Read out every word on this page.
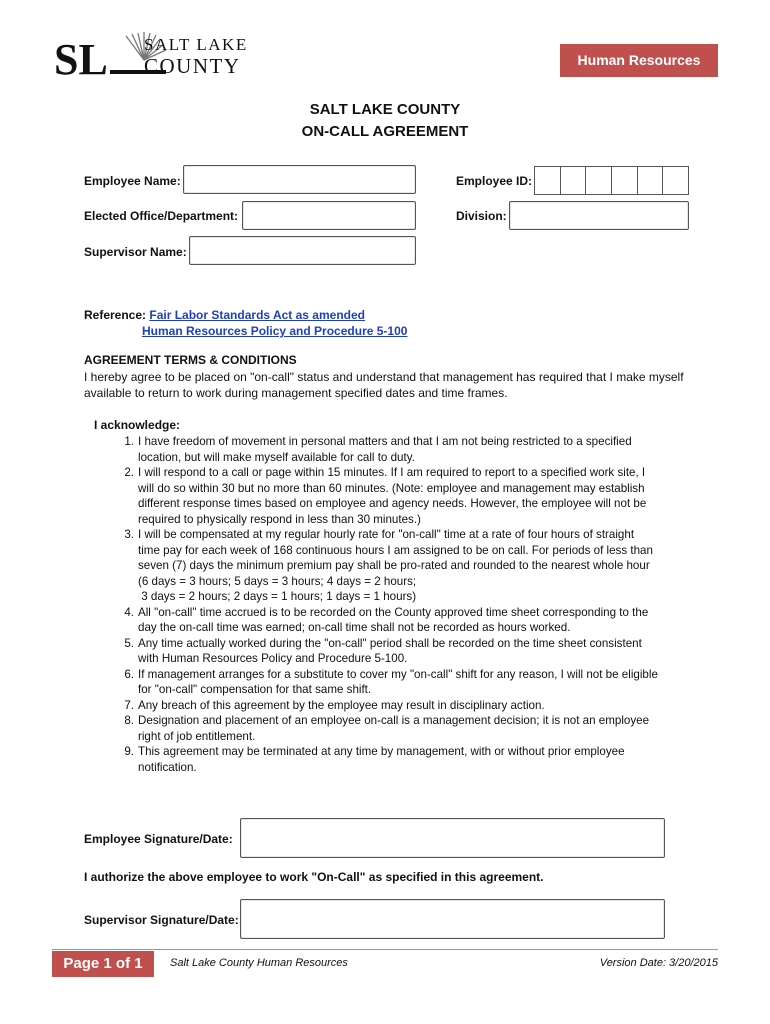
SL SALT LAKE
COUNTY	Human Resources
SALT LAKE COUNTY
ON-CALL AGREEMENT
Employee Name:	Employee ID:
Elected Office/Department:	Division:
Supervisor Name:
Reference: Fair Labor Standards Act as amended
Human Resources Policy and Procedure 5-100
AGREEMENT TERMS & CONDITIONS
I hereby agree to be placed on "on-call" status and understand that management has required that I make myself available to return to work during management specified dates and time frames.
I acknowledge:
1. I have freedom of movement in personal matters and that I am not being restricted to a specified location, but will make myself available for call to duty.
2. I will respond to a call or page within 15 minutes. If I am required to report to a specified work site, I will do so within 30 but no more than 60 minutes. (Note: employee and management may establish different response times based on employee and agency needs. However, the employee will not be required to physically respond in less than 30 minutes.)
3. I will be compensated at my regular hourly rate for "on-call" time at a rate of four hours of straight time pay for each week of 168 continuous hours I am assigned to be on call. For periods of less than seven (7) days the minimum premium pay shall be pro-rated and rounded to the nearest whole hour
(6 days = 3 hours; 5 days = 3 hours; 4 days = 2 hours;
3 days = 2 hours; 2 days = 1 hours; 1 days = 1 hours)
4. All "on-call" time accrued is to be recorded on the County approved time sheet corresponding to the day the on-call time was earned; on-call time shall not be recorded as hours worked.
5. Any time actually worked during the "on-call" period shall be recorded on the time sheet consistent with Human Resources Policy and Procedure 5-100.
6. If management arranges for a substitute to cover my "on-call" shift for any reason, I will not be eligible for "on-call" compensation for that same shift.
7. Any breach of this agreement by the employee may result in disciplinary action.
8. Designation and placement of an employee on-call is a management decision; it is not an employee right of job entitlement.
9. This agreement may be terminated at any time by management, with or without prior employee notification.
Employee Signature/Date:
I authorize the above employee to work "On-Call" as specified in this agreement.
Supervisor Signature/Date:
Page 1 of 1	Salt Lake County Human Resources	Version Date: 3/20/2015
